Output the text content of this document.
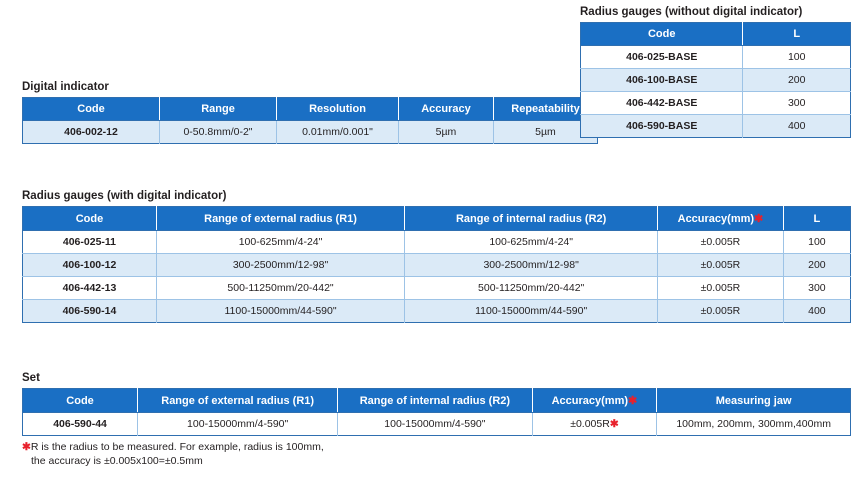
Digital indicator
Code	Range	Resolution	Accuracy	Repeatability
406-002-12	0-50.8mm/0-2"	0.01mm/0.001"	5µm	5µm
Radius gauges (without digital indicator)
Code	L
406-025-BASE	100
406-100-BASE	200
406-442-BASE	300
406-590-BASE	400
Radius gauges (with digital indicator)
Code	Range of external radius (R1)	Range of internal radius (R2)	Accuracy(mm)✱	L
406-025-11	100-625mm/4-24"	100-625mm/4-24"	±0.005R	100
406-100-12	300-2500mm/12-98"	300-2500mm/12-98"	±0.005R	200
406-442-13	500-11250mm/20-442"	500-11250mm/20-442"	±0.005R	300
406-590-14	1100-15000mm/44-590"	1100-15000mm/44-590"	±0.005R	400
Set
Code	Range of external radius (R1)	Range of internal radius (R2)	Accuracy(mm)✱	Measuring jaw
406-590-44	100-15000mm/4-590"	100-15000mm/4-590"	±0.005R✱	100mm, 200mm, 300mm,400mm
✱R is the radius to be measured. For example, radius is 100mm,
the accuracy is ±0.005x100=±0.5mm
